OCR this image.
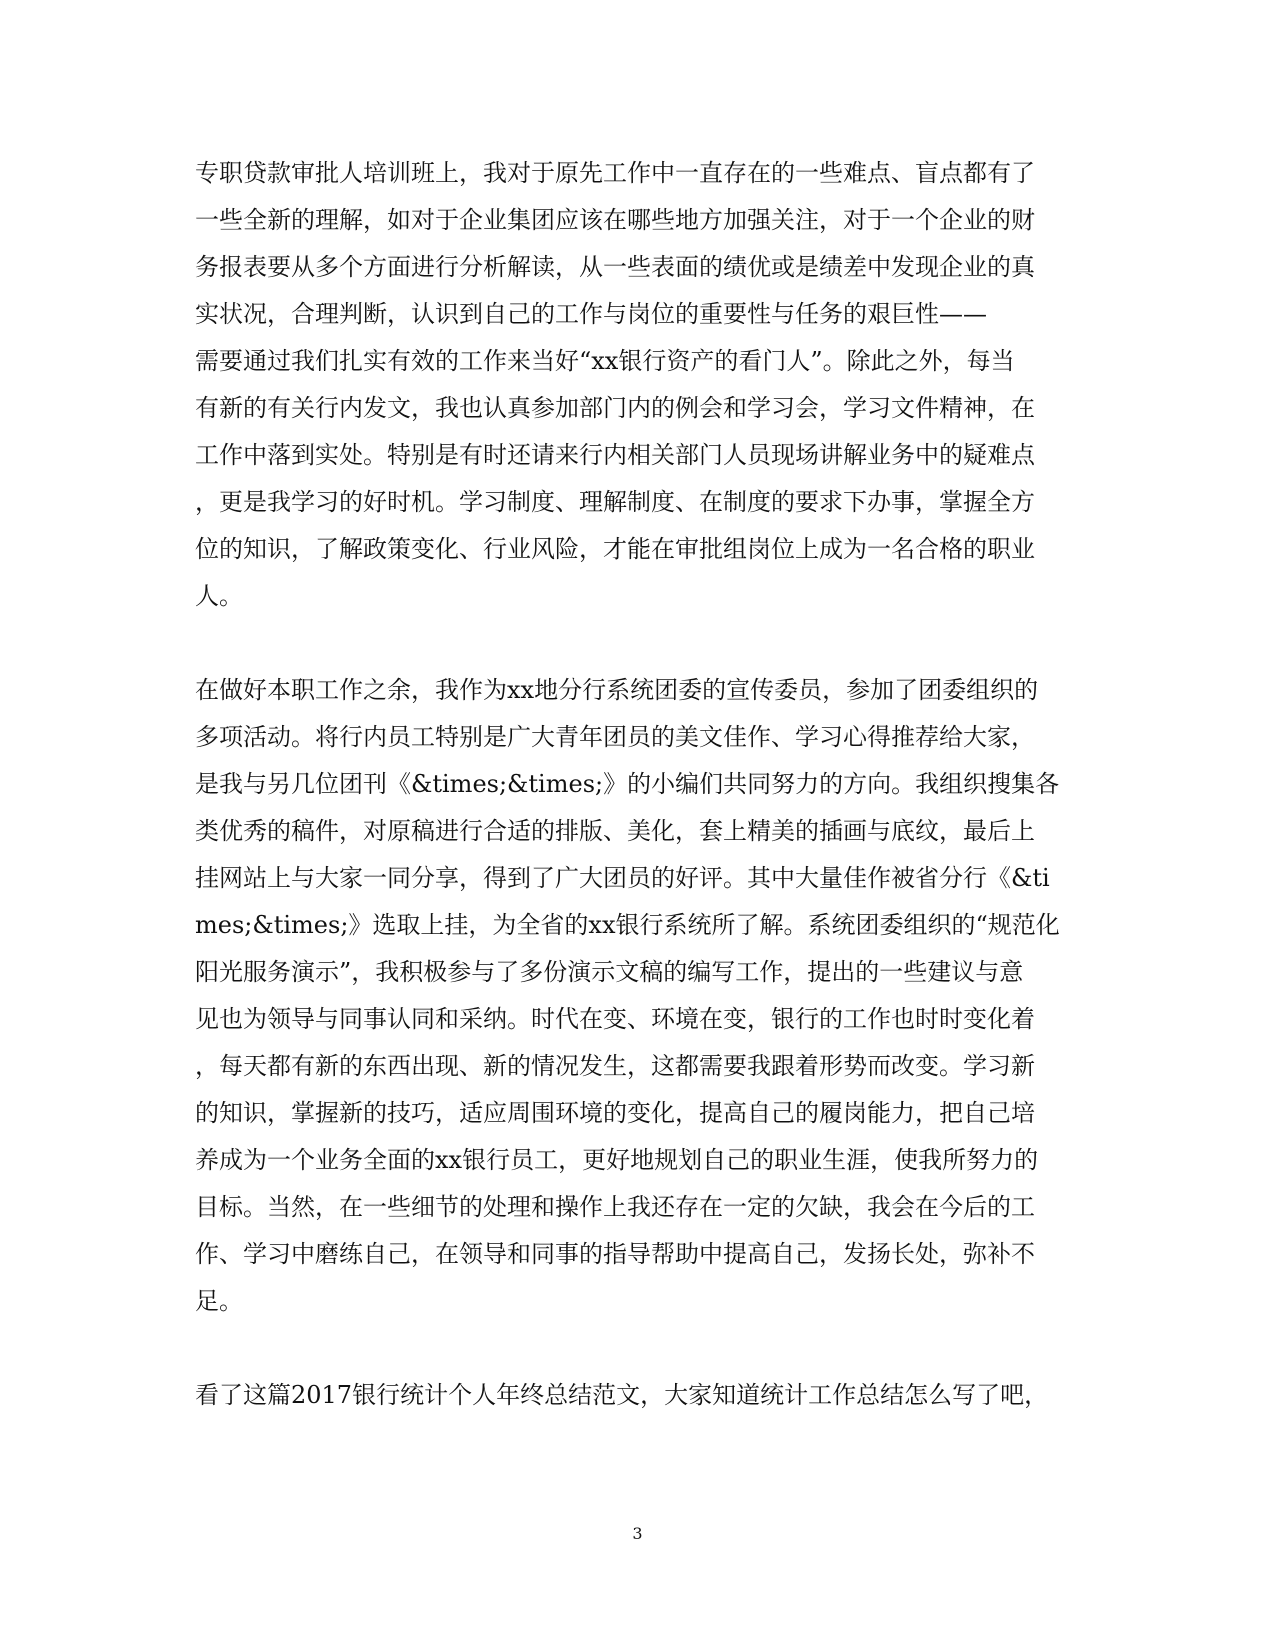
专职贷款审批人培训班上，我对于原先工作中一直存在的一些难点、盲点都有了
一些全新的理解，如对于企业集团应该在哪些地方加强关注，对于一个企业的财
务报表要从多个方面进行分析解读，从一些表面的绩优或是绩差中发现企业的真
实状况，合理判断，认识到自己的工作与岗位的重要性与任务的艰巨性——
需要通过我们扎实有效的工作来当好“xx银行资产的看门人”。除此之外，每当
有新的有关行内发文，我也认真参加部门内的例会和学习会，学习文件精神，在
工作中落到实处。特别是有时还请来行内相关部门人员现场讲解业务中的疑难点
，更是我学习的好时机。学习制度、理解制度、在制度的要求下办事，掌握全方
位的知识，了解政策变化、行业风险，才能在审批组岗位上成为一名合格的职业
人。
在做好本职工作之余，我作为xx地分行系统团委的宣传委员，参加了团委组织的
多项活动。将行内员工特别是广大青年团员的美文佳作、学习心得推荐给大家，
是我与另几位团刊《&times;&times;》的小编们共同努力的方向。我组织搜集各
类优秀的稿件，对原稿进行合适的排版、美化，套上精美的插画与底纹，最后上
挂网站上与大家一同分享，得到了广大团员的好评。其中大量佳作被省分行《&ti
mes;&times;》选取上挂，为全省的xx银行系统所了解。系统团委组织的“规范化
阳光服务演示”，我积极参与了多份演示文稿的编写工作，提出的一些建议与意
见也为领导与同事认同和采纳。时代在变、环境在变，银行的工作也时时变化着
，每天都有新的东西出现、新的情况发生，这都需要我跟着形势而改变。学习新
的知识，掌握新的技巧，适应周围环境的变化，提高自己的履岗能力，把自己培
养成为一个业务全面的xx银行员工，更好地规划自己的职业生涯，使我所努力的
目标。当然，在一些细节的处理和操作上我还存在一定的欠缺，我会在今后的工
作、学习中磨练自己，在领导和同事的指导帮助中提高自己，发扬长处，弥补不
足。
看了这篇2017银行统计个人年终总结范文，大家知道统计工作总结怎么写了吧，
3
